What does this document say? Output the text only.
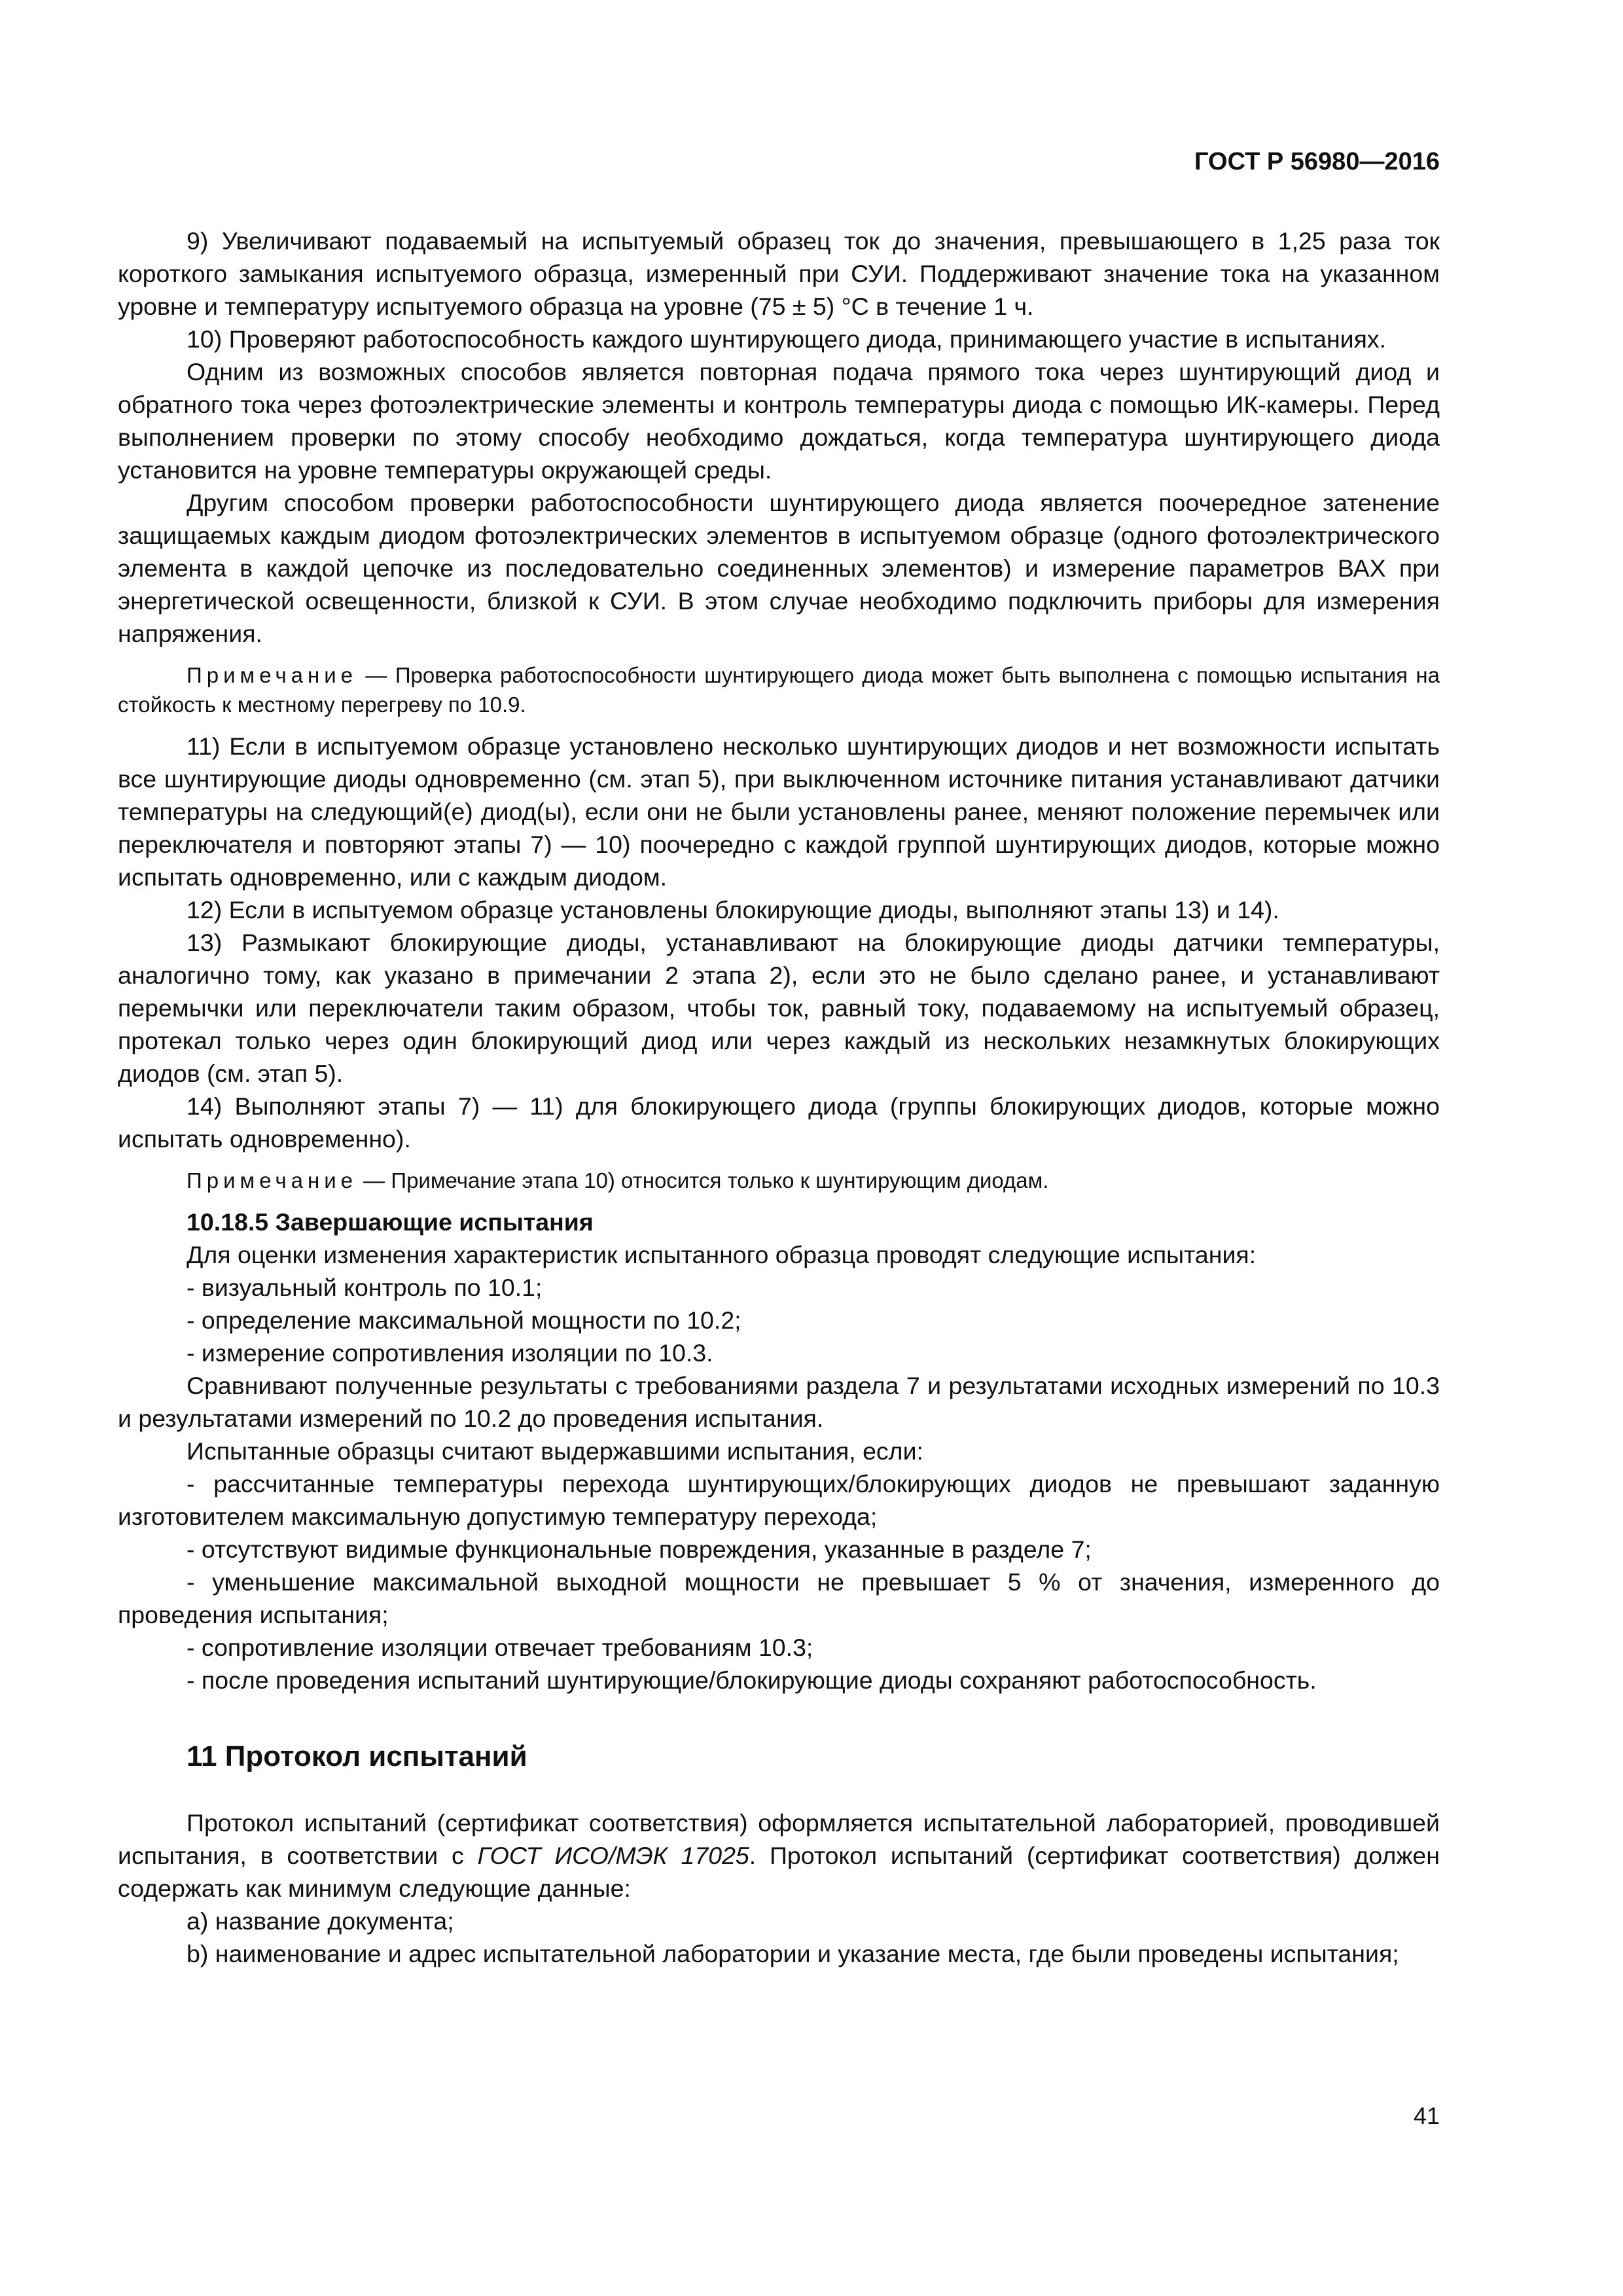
ГОСТ Р 56980—2016

9) Увеличивают подаваемый на испытуемый образец ток до значения, превышающего в 1,25 раза ток короткого замыкания испытуемого образца, измеренный при СУИ. Поддерживают значение тока на указанном уровне и температуру испытуемого образца на уровне (75 ± 5) °С в течение 1 ч.

10) Проверяют работоспособность каждого шунтирующего диода, принимающего участие в испытаниях.

Одним из возможных способов является повторная подача прямого тока через шунтирующий диод и обратного тока через фотоэлектрические элементы и контроль температуры диода с помощью ИК-камеры. Перед выполнением проверки по этому способу необходимо дождаться, когда температура шунтирующего диода установится на уровне температуры окружающей среды.

Другим способом проверки работоспособности шунтирующего диода является поочередное затенение защищаемых каждым диодом фотоэлектрических элементов в испытуемом образце (одного фотоэлектрического элемента в каждой цепочке из последовательно соединенных элементов) и измерение параметров ВАХ при энергетической освещенности, близкой к СУИ. В этом случае необходимо подключить приборы для измерения напряжения.

Примечание — Проверка работоспособности шунтирующего диода может быть выполнена с помощью испытания на стойкость к местному перегреву по 10.9.

11) Если в испытуемом образце установлено несколько шунтирующих диодов и нет возможности испытать все шунтирующие диоды одновременно (см. этап 5), при выключенном источнике питания устанавливают датчики температуры на следующий(е) диод(ы), если они не были установлены ранее, меняют положение перемычек или переключателя и повторяют этапы 7) — 10) поочередно с каждой группой шунтирующих диодов, которые можно испытать одновременно, или с каждым диодом.

12) Если в испытуемом образце установлены блокирующие диоды, выполняют этапы 13) и 14).

13) Размыкают блокирующие диоды, устанавливают на блокирующие диоды датчики температуры, аналогично тому, как указано в примечании 2 этапа 2), если это не было сделано ранее, и устанавливают перемычки или переключатели таким образом, чтобы ток, равный току, подаваемому на испытуемый образец, протекал только через один блокирующий диод или через каждый из нескольких незамкнутых блокирующих диодов (см. этап 5).

14) Выполняют этапы 7) — 11) для блокирующего диода (группы блокирующих диодов, которые можно испытать одновременно).

Примечание — Примечание этапа 10) относится только к шунтирующим диодам.

10.18.5 Завершающие испытания

Для оценки изменения характеристик испытанного образца проводят следующие испытания:

- визуальный контроль по 10.1;

- определение максимальной мощности по 10.2;

- измерение сопротивления изоляции по 10.3.

Сравнивают полученные результаты с требованиями раздела 7 и результатами исходных измерений по 10.3 и результатами измерений по 10.2 до проведения испытания.

Испытанные образцы считают выдержавшими испытания, если:

- рассчитанные температуры перехода шунтирующих/блокирующих диодов не превышают заданную изготовителем максимальную допустимую температуру перехода;

- отсутствуют видимые функциональные повреждения, указанные в разделе 7;

- уменьшение максимальной выходной мощности не превышает 5 % от значения, измеренного до проведения испытания;

- сопротивление изоляции отвечает требованиям 10.3;

- после проведения испытаний шунтирующие/блокирующие диоды сохраняют работоспособность.

11 Протокол испытаний

Протокол испытаний (сертификат соответствия) оформляется испытательной лабораторией, проводившей испытания, в соответствии с ГОСТ ИСО/МЭК 17025. Протокол испытаний (сертификат соответствия) должен содержать как минимум следующие данные:

а) название документа;

b) наименование и адрес испытательной лаборатории и указание места, где были проведены испытания;

41
